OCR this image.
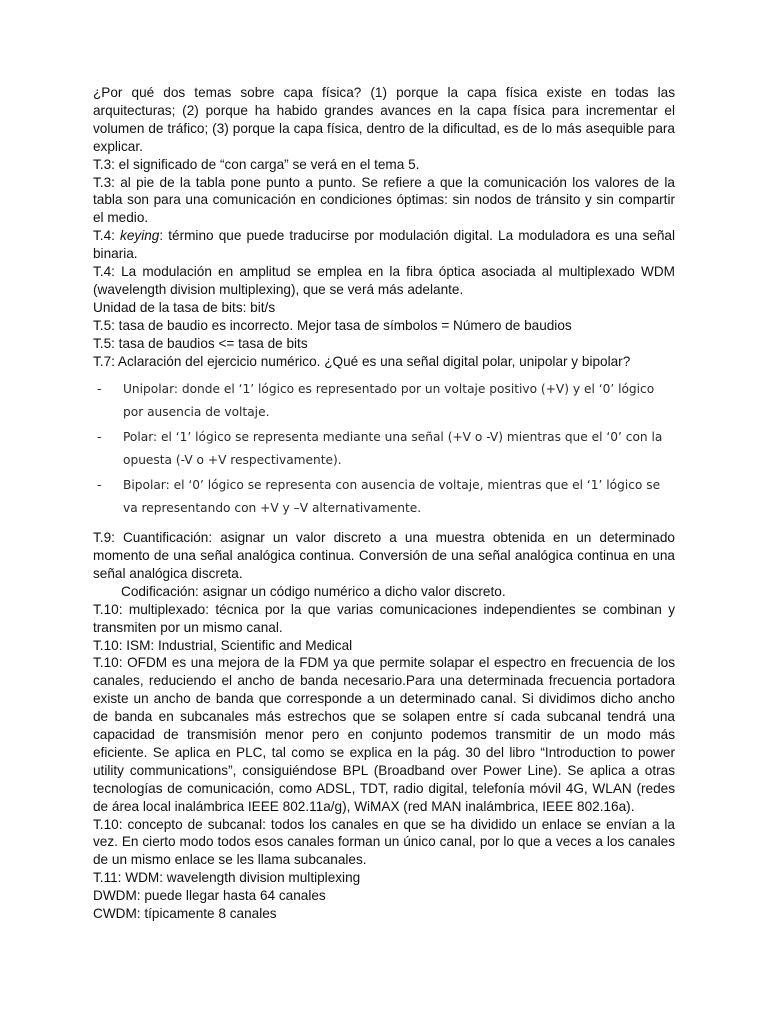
¿Por qué dos temas sobre capa física? (1) porque la capa física existe en todas las arquitecturas; (2) porque ha habido grandes avances en la capa física para incrementar el volumen de tráfico; (3) porque la capa física, dentro de la dificultad, es de lo más asequible para explicar.

T.3: el significado de “con carga” se verá en el tema 5.

T.3: al pie de la tabla pone punto a punto. Se refiere a que la comunicación los valores de la tabla son para una comunicación en condiciones óptimas: sin nodos de tránsito y sin compartir el medio.

T.4: keying: término que puede traducirse por modulación digital. La moduladora es una señal binaria.

T.4: La modulación en amplitud se emplea en la fibra óptica asociada al multiplexado WDM (wavelength division multiplexing), que se verá más adelante.

Unidad de la tasa de bits: bit/s

T.5: tasa de baudio es incorrecto. Mejor tasa de símbolos = Número de baudios

T.5: tasa de baudios <= tasa de bits

T.7: Aclaración del ejercicio numérico. ¿Qué es una señal digital polar, unipolar y bipolar?

- Unipolar: donde el ‘1’ lógico es representado por un voltaje positivo (+V) y el ‘0’ lógico por ausencia de voltaje.
- Polar: el ‘1’ lógico se representa mediante una señal (+V o -V) mientras que el ‘0’ con la opuesta (-V o +V respectivamente).
- Bipolar: el ‘0’ lógico se representa con ausencia de voltaje, mientras que el ‘1’ lógico se va representando con +V y –V alternativamente.

T.9: Cuantificación: asignar un valor discreto a una muestra obtenida en un determinado momento de una señal analógica continua. Conversión de una señal analógica continua en una señal analógica discreta.

Codificación: asignar un código numérico a dicho valor discreto.

T.10: multiplexado: técnica por la que varias comunicaciones independientes se combinan y transmiten por un mismo canal.

T.10: ISM: Industrial, Scientific and Medical

T.10: OFDM es una mejora de la FDM ya que permite solapar el espectro en frecuencia de los canales, reduciendo el ancho de banda necesario.Para una determinada frecuencia portadora existe un ancho de banda que corresponde a un determinado canal. Si dividimos dicho ancho de banda en subcanales más estrechos que se solapen entre sí cada subcanal tendrá una capacidad de transmisión menor pero en conjunto podemos transmitir de un modo más eficiente. Se aplica en PLC, tal como se explica en la pág. 30 del libro “Introduction to power utility communications”, consiguiéndose BPL (Broadband over Power Line). Se aplica a otras tecnologías de comunicación, como ADSL, TDT, radio digital, telefonía móvil 4G, WLAN (redes de área local inalámbrica IEEE 802.11a/g), WiMAX (red MAN inalámbrica, IEEE 802.16a).

T.10: concepto de subcanal: todos los canales en que se ha dividido un enlace se envían a la vez. En cierto modo todos esos canales forman un único canal, por lo que a veces a los canales de un mismo enlace se les llama subcanales.

T.11: WDM: wavelength division multiplexing

DWDM: puede llegar hasta 64 canales

CWDM: típicamente 8 canales
